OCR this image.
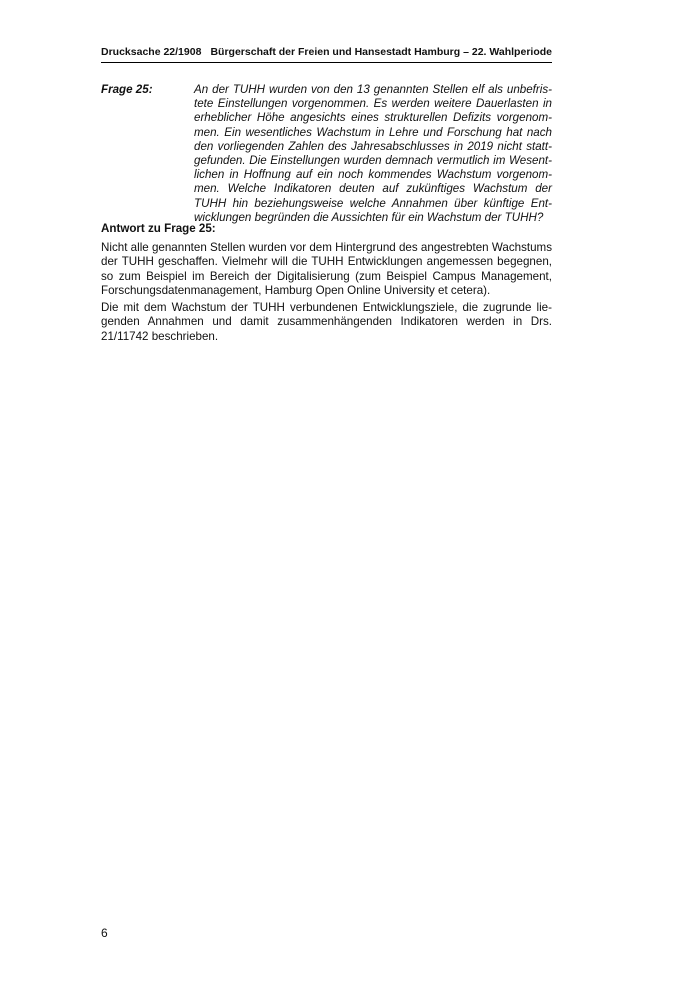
Drucksache 22/1908 Bürgerschaft der Freien und Hansestadt Hamburg – 22. Wahlperiode
Frage 25:	An der TUHH wurden von den 13 genannten Stellen elf als unbefris-
tete Einstellungen vorgenommen. Es werden weitere Dauerlasten in
erheblicher Höhe angesichts eines strukturellen Defizits vorgenom-
men. Ein wesentliches Wachstum in Lehre und Forschung hat nach
den vorliegenden Zahlen des Jahresabschlusses in 2019 nicht statt-
gefunden. Die Einstellungen wurden demnach vermutlich im Wesent-
lichen in Hoffnung auf ein noch kommendes Wachstum vorgenom-
men. Welche Indikatoren deuten auf zukünftiges Wachstum der
TUHH hin beziehungsweise welche Annahmen über künftige Ent-
wicklungen begründen die Aussichten für ein Wachstum der TUHH?
Antwort zu Frage 25:
Nicht alle genannten Stellen wurden vor dem Hintergrund des angestrebten Wachstums
der TUHH geschaffen. Vielmehr will die TUHH Entwicklungen angemessen begegnen,
so zum Beispiel im Bereich der Digitalisierung (zum Beispiel Campus Management,
Forschungsdatenmanagement, Hamburg Open Online University et cetera).
Die mit dem Wachstum der TUHH verbundenen Entwicklungsziele, die zugrunde lie-
genden Annahmen und damit zusammenhängenden Indikatoren werden in Drs.
21/11742 beschrieben.
6
